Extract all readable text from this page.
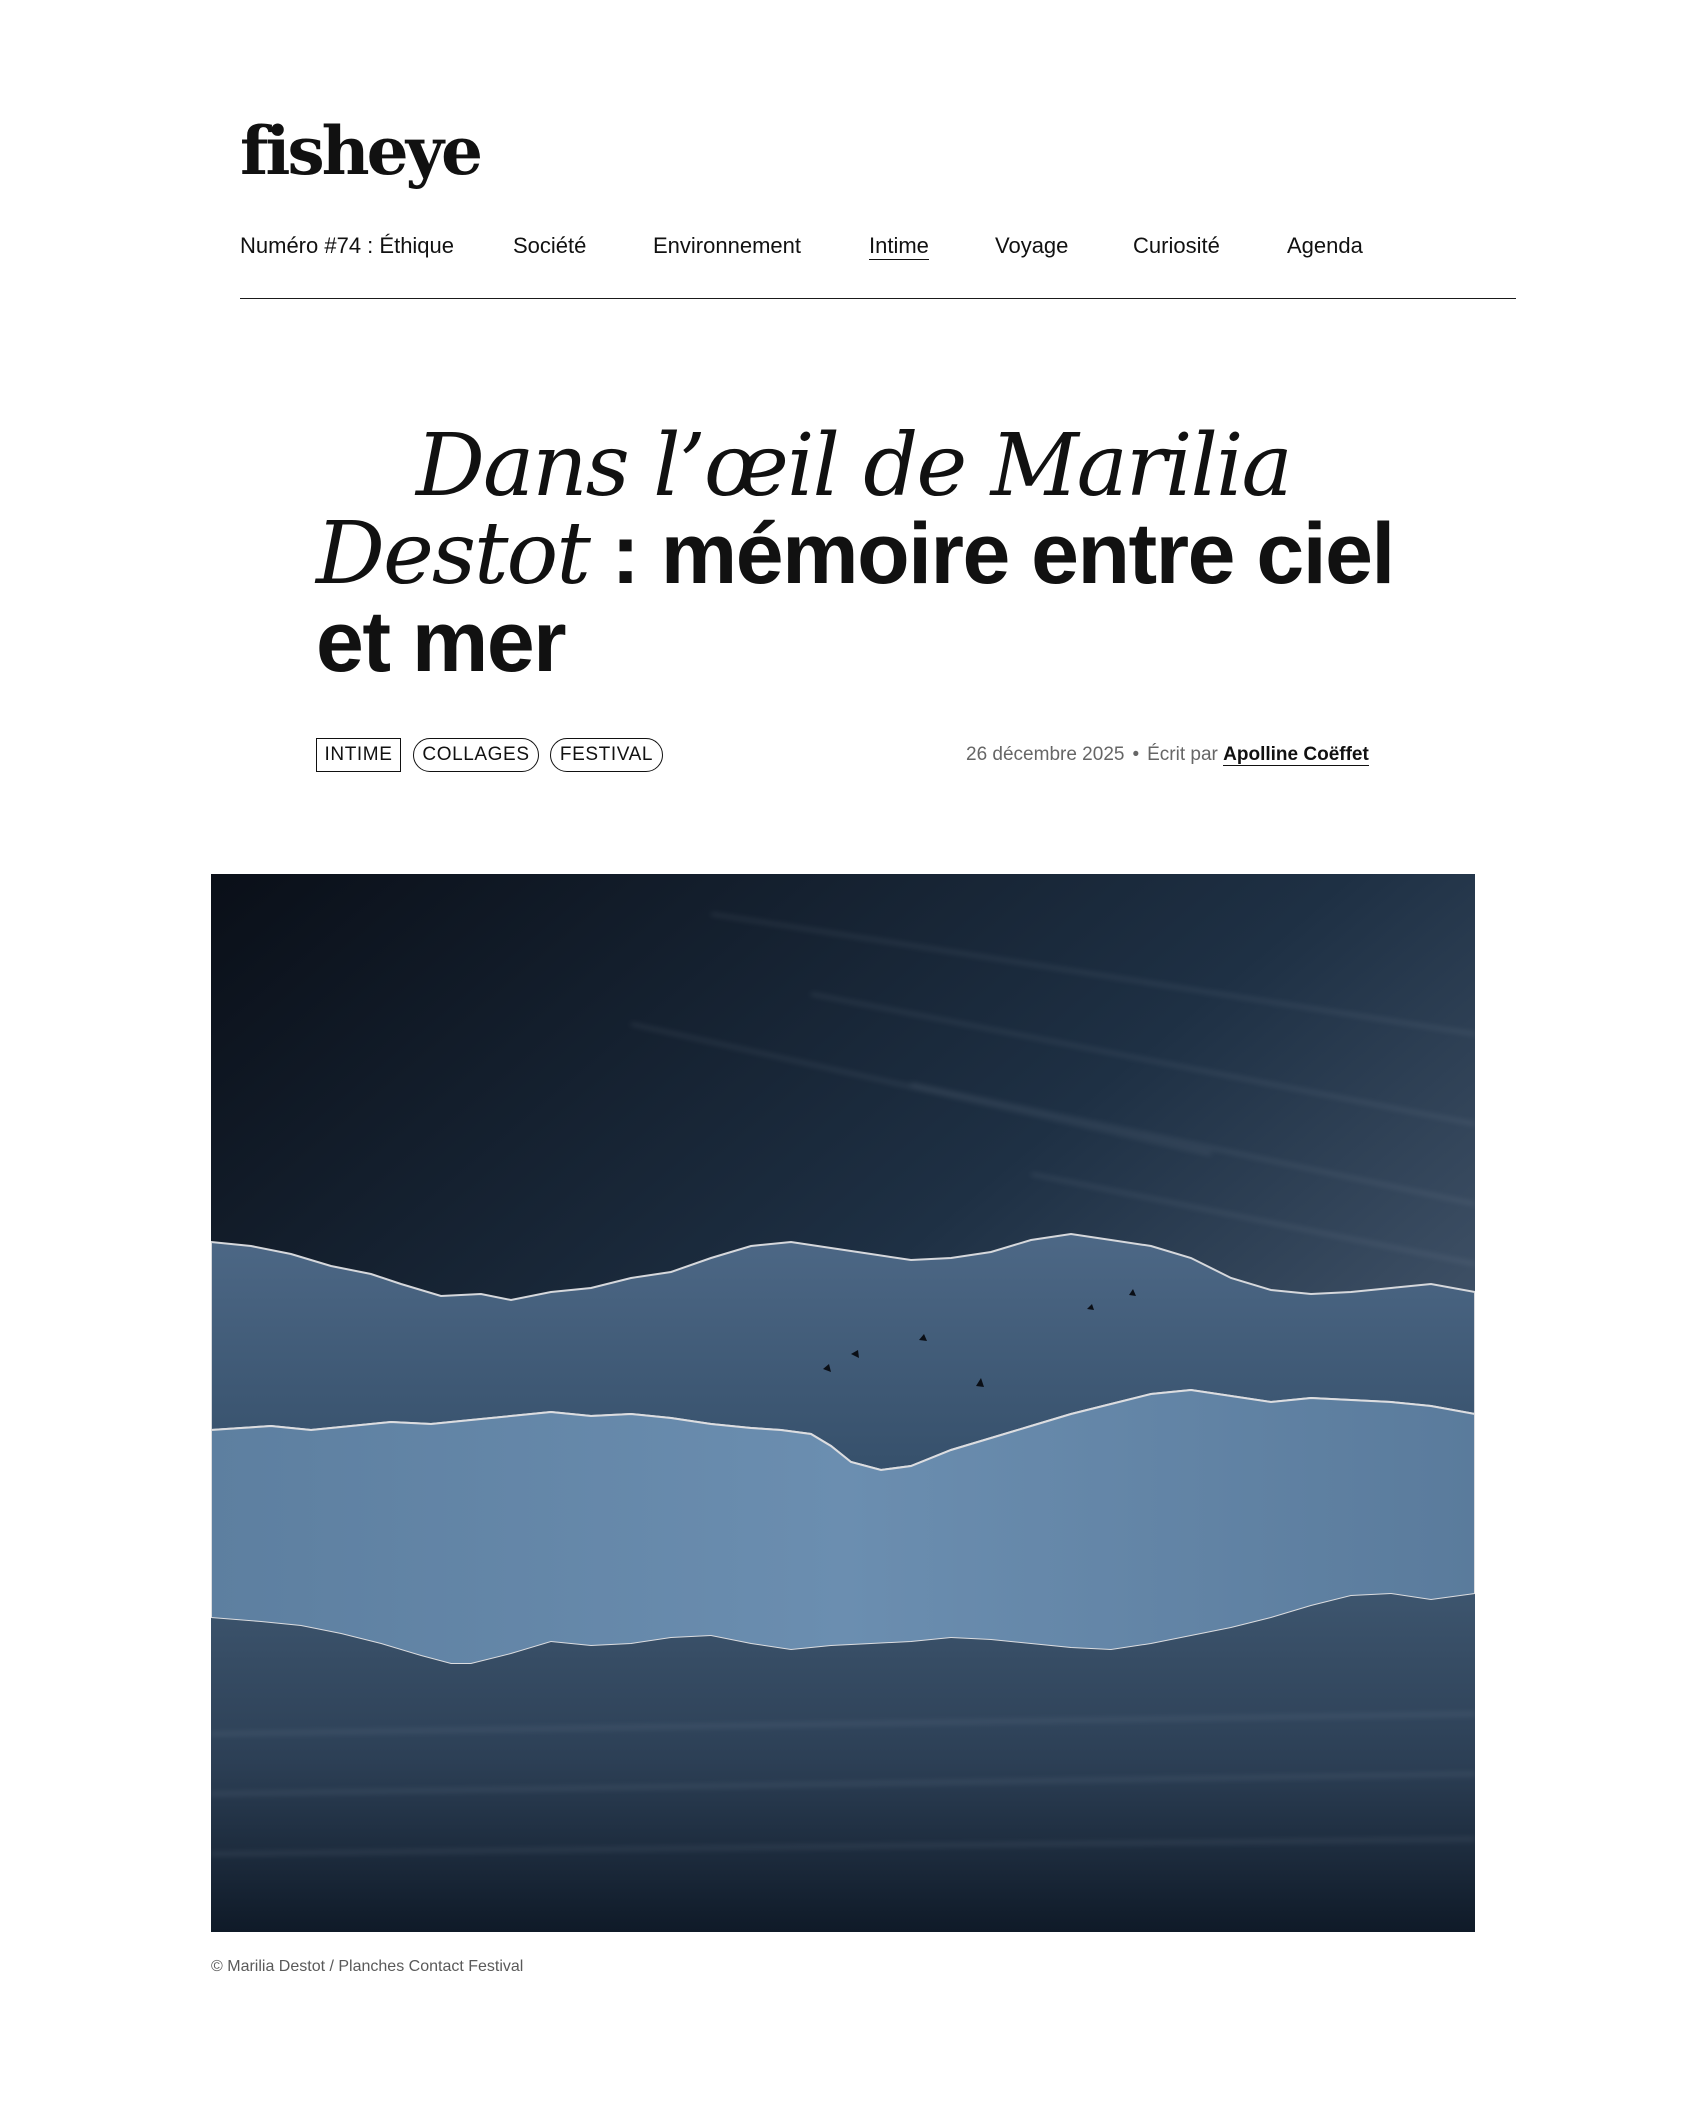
fisheye
Numéro #74 : Éthique	Société	Environnement	Intime	Voyage	Curiosité	Agenda
Dans l’œil de Marilia Destot : mémoire entre ciel et mer
INTIME	COLLAGES	FESTIVAL	26 décembre 2025 • Écrit par Apolline Coëffet
© Marilia Destot / Planches Contact Festival
